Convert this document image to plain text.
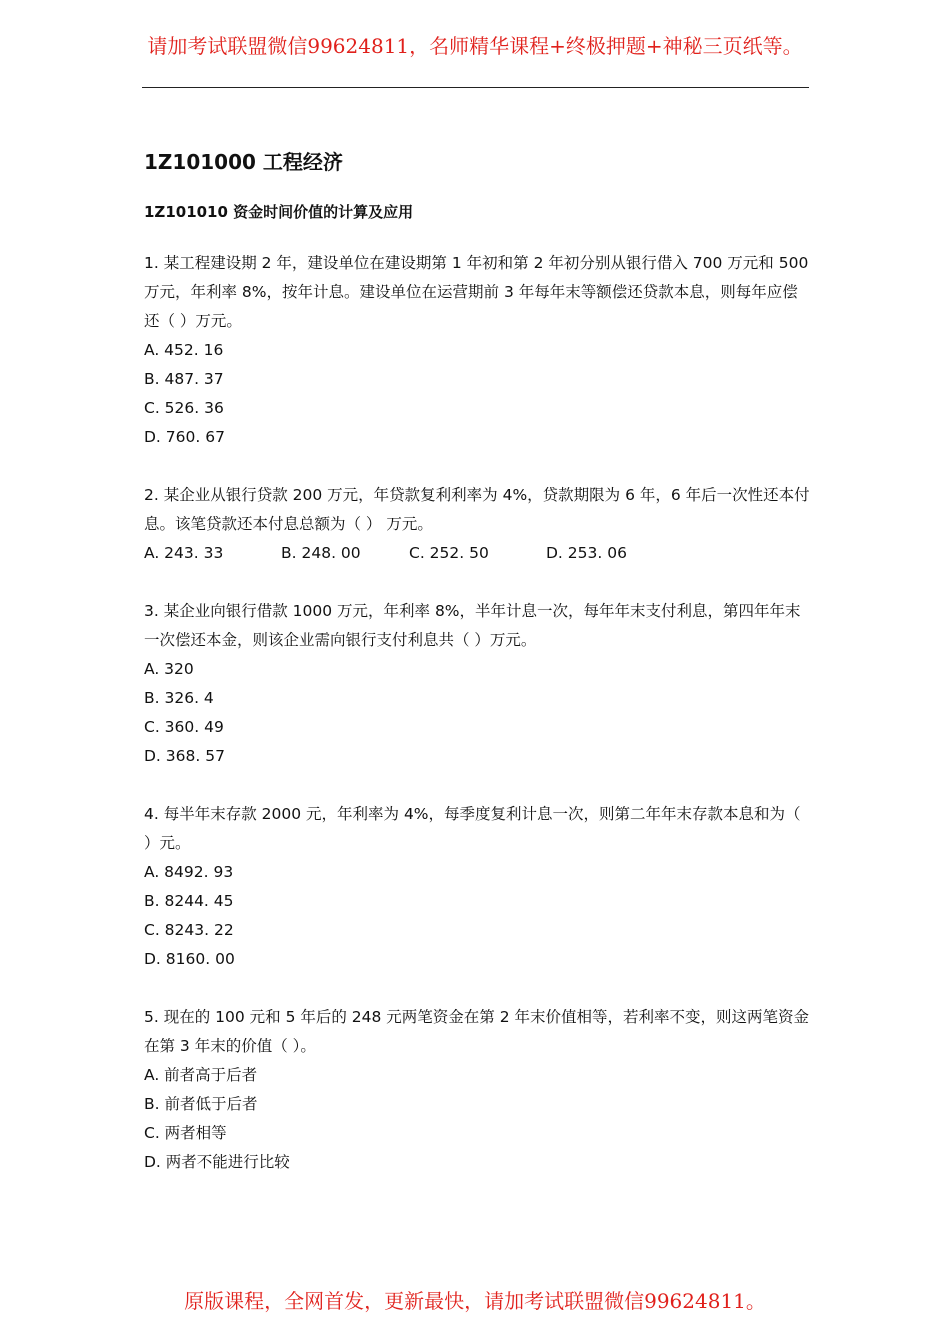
请加考试联盟微信99624811，名师精华课程+终极押题+神秘三页纸等。
1Z101000 工程经济
1Z101010 资金时间价值的计算及应用
1. 某工程建设期 2 年，建设单位在建设期第 1 年初和第 2 年初分别从银行借入 700 万元和 500 万元，年利率 8%，按年计息。建设单位在运营期前 3 年每年末等额偿还贷款本息，则每年应偿还（ ）万元。
A. 452. 16
B. 487. 37
C. 526. 36
D. 760. 67
2. 某企业从银行贷款 200 万元，年贷款复利利率为 4%，贷款期限为 6 年，6 年后一次性还本付息。该笔贷款还本付息总额为（ ） 万元。
A. 243. 33	B. 248. 00	C. 252. 50	D. 253. 06
3. 某企业向银行借款 1000 万元，年利率 8%，半年计息一次，每年年末支付利息，第四年年末一次偿还本金，则该企业需向银行支付利息共（ ）万元。
A. 320
B. 326. 4
C. 360. 49
D. 368. 57
4. 每半年末存款 2000 元，年利率为 4%，每季度复利计息一次，则第二年年末存款本息和为（ ）元。
A. 8492. 93
B. 8244. 45
C. 8243. 22
D. 8160. 00
5. 现在的 100 元和 5 年后的 248 元两笔资金在第 2 年末价值相等，若利率不变，则这两笔资金在第 3 年末的价值（ ）。
A. 前者高于后者
B. 前者低于后者
C. 两者相等
D. 两者不能进行比较
原版课程，全网首发，更新最快，请加考试联盟微信99624811。
